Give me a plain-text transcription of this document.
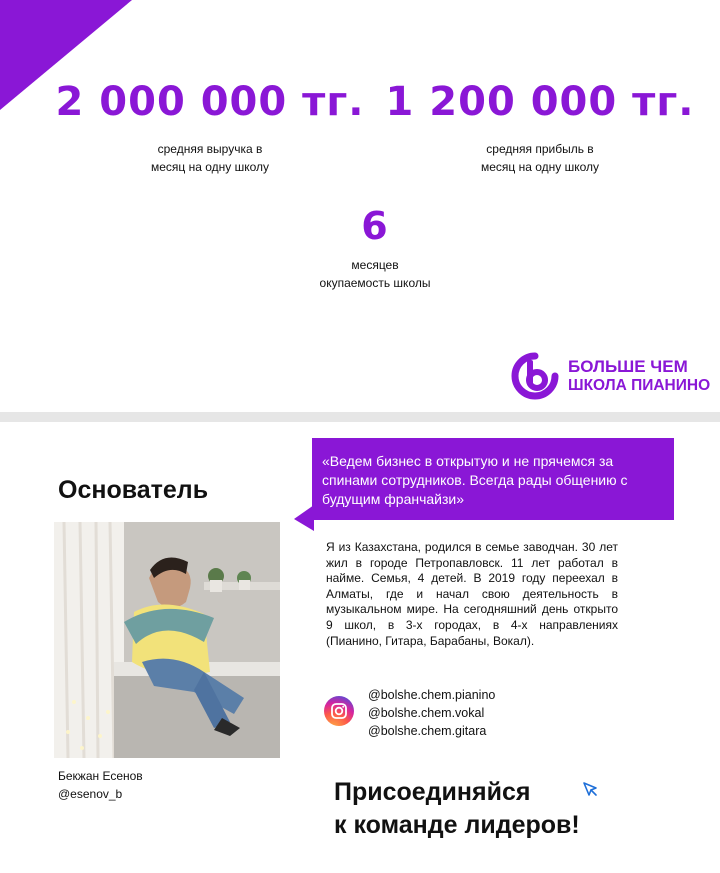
2 000 000 тг.
средняя выручка в
месяц на одну школу
1 200 000 тг.
средняя прибыль в
месяц на одну школу
6
месяцев
окупаемость школы
БОЛЬШЕ ЧЕМ
ШКОЛА ПИАНИНО
Основатель
Бекжан Есенов
@esenov_b
«Ведем бизнес в открытую и не прячемся за спинами сотрудников. Всегда рады общению с будущим франчайзи»
Я из Казахстана, родился в семье заводчан. 30 лет жил в городе Петропавловск. 11 лет работал в найме. Семья, 4 детей. В 2019 году переехал в Алматы, где и начал свою деятельность в музыкальном мире. На сегодняшний день открыто 9 школ, в 3-х городах, в 4-х направлениях (Пианино, Гитара, Барабаны, Вокал).
@bolshe.chem.pianino
@bolshe.chem.vokal
@bolshe.chem.gitara
Присоединяйся
к команде лидеров!
